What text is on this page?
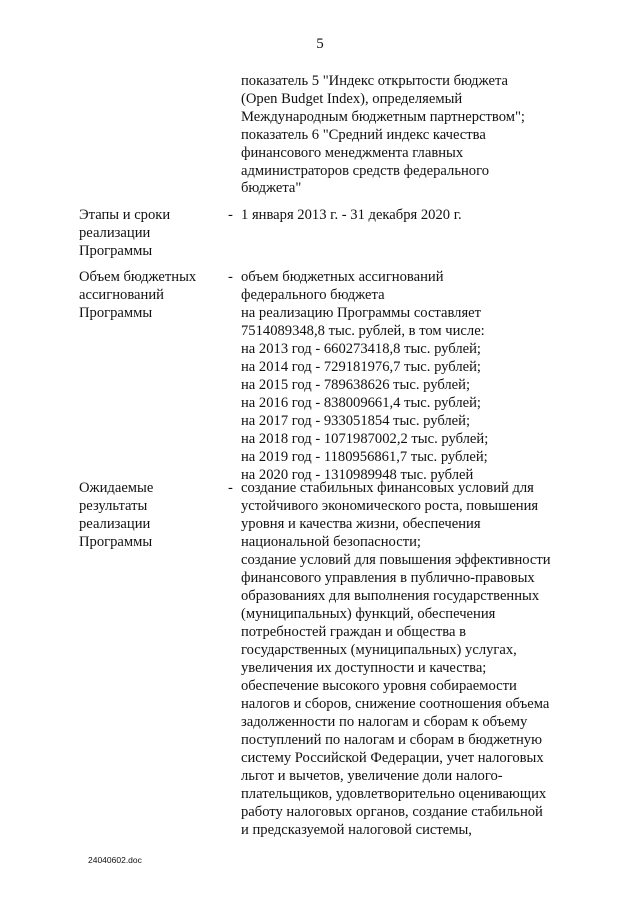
5
показатель 5 "Индекс открытости бюджета
(Open Budget Index), определяемый
Международным бюджетным партнерством";
показатель 6 "Средний индекс качества
финансового менеджмента главных
администраторов средств федерального
бюджета"
Этапы и сроки
реализации
Программы
- 1 января 2013 г. - 31 декабря 2020 г.
Объем бюджетных
ассигнований
Программы
- объем бюджетных ассигнований
федерального бюджета
на реализацию Программы составляет
7514089348,8 тыс. рублей, в том числе:
на 2013 год - 660273418,8 тыс. рублей;
на 2014 год - 729181976,7 тыс. рублей;
на 2015 год - 789638626 тыс. рублей;
на 2016 год - 838009661,4 тыс. рублей;
на 2017 год - 933051854 тыс. рублей;
на 2018 год - 1071987002,2 тыс. рублей;
на 2019 год - 1180956861,7 тыс. рублей;
на 2020 год - 1310989948 тыс. рублей
Ожидаемые
результаты
реализации
Программы
- создание стабильных финансовых условий для
устойчивого экономического роста, повышения
уровня и качества жизни, обеспечения
национальной безопасности;
создание условий для повышения эффективности
финансового управления в публично-правовых
образованиях для выполнения государственных
(муниципальных) функций, обеспечения
потребностей граждан и общества в
государственных (муниципальных) услугах,
увеличения их доступности и качества;
обеспечение высокого уровня собираемости
налогов и сборов, снижение соотношения объема
задолженности по налогам и сборам к объему
поступлений по налогам и сборам в бюджетную
систему Российской Федерации, учет налоговых
льгот и вычетов, увеличение доли налого-
плательщиков, удовлетворительно оценивающих
работу налоговых органов, создание стабильной
и предсказуемой налоговой системы,
24040602.doc
